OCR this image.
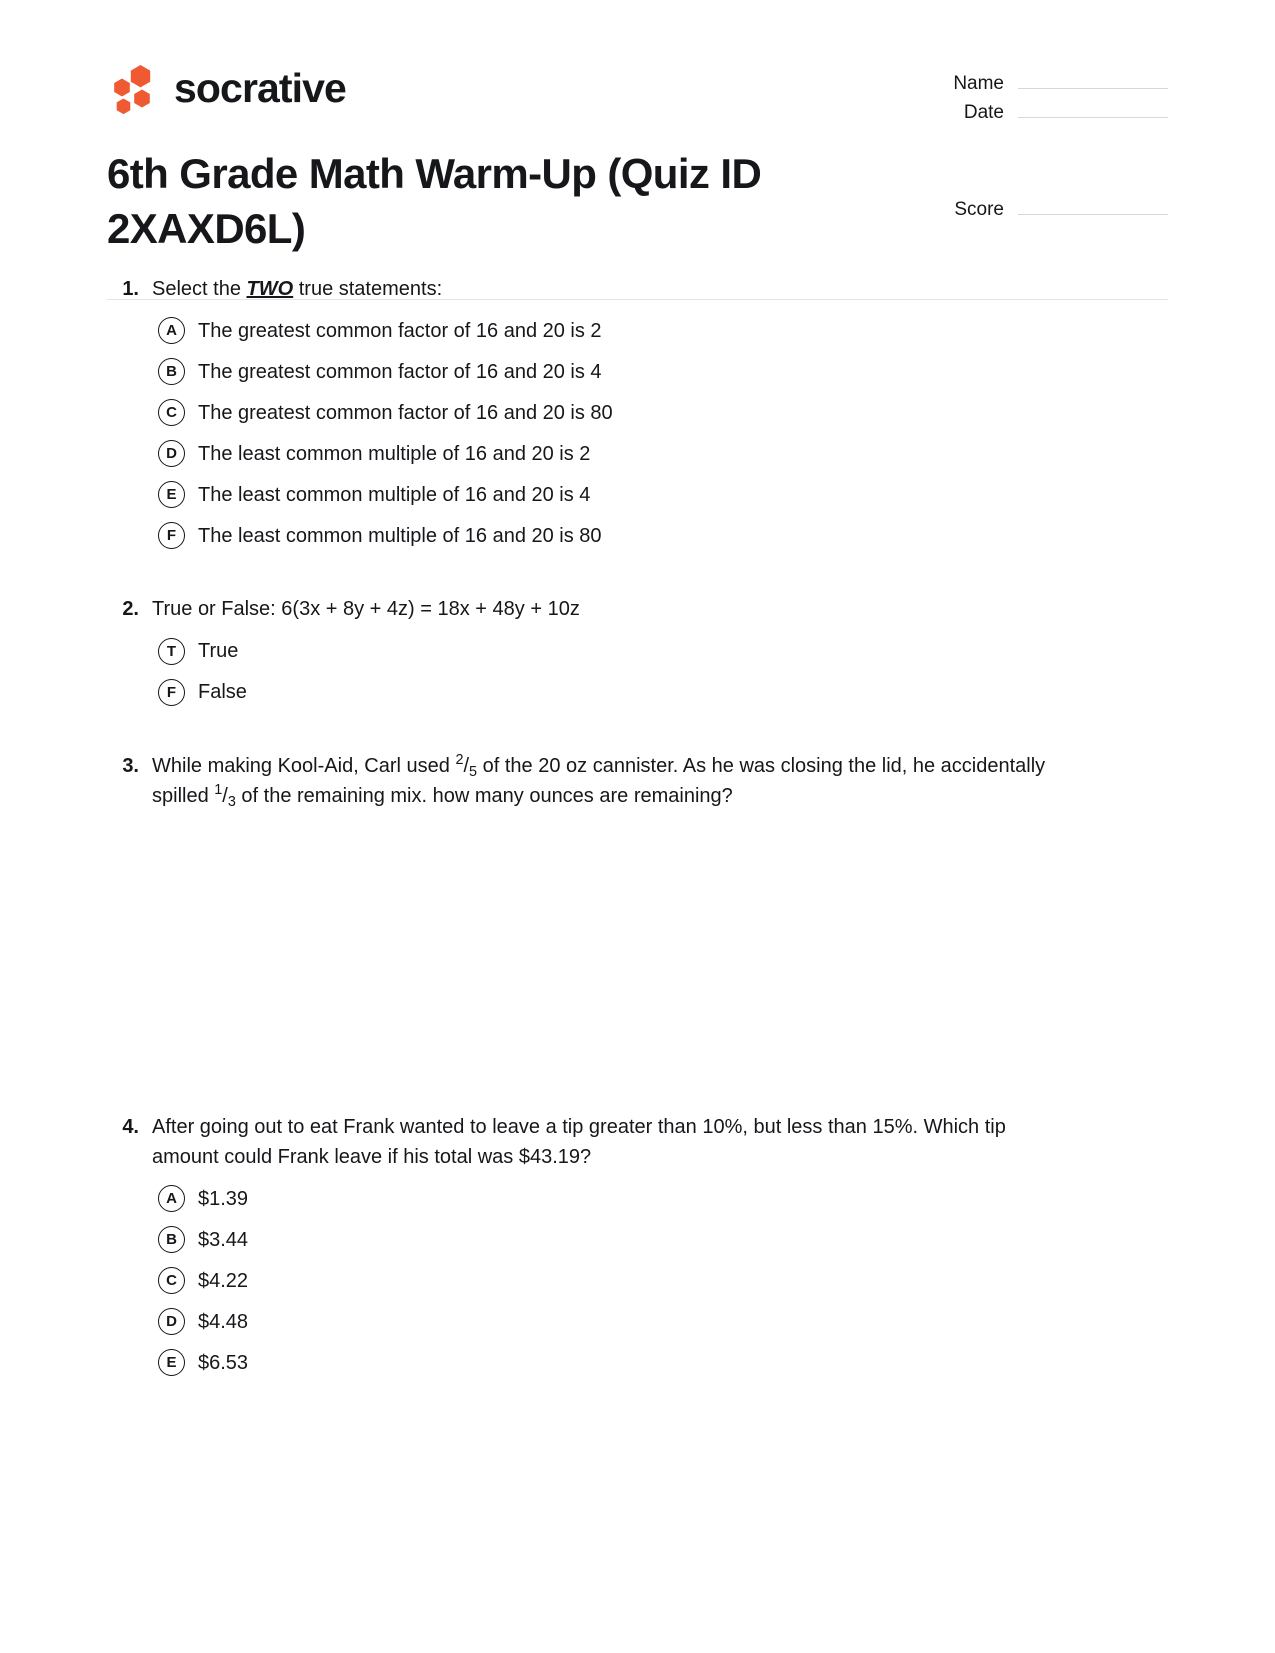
socrative	Name
Date
Score
6th Grade Math Warm-Up (Quiz ID 2XAXD6L)
1. Select the TWO true statements:
A	The greatest common factor of 16 and 20 is 2
B	The greatest common factor of 16 and 20 is 4
C	The greatest common factor of 16 and 20 is 80
D	The least common multiple of 16 and 20 is 2
E	The least common multiple of 16 and 20 is 4
F	The least common multiple of 16 and 20 is 80
2. True or False: 6(3x + 8y + 4z) = 18x + 48y + 10z
T	True
F	False
3. While making Kool-Aid, Carl used $^2/_5$ of the 20 oz cannister. As he was closing the lid, he accidentally spilled $^1/_3$ of the remaining mix. how many ounces are remaining?
4. After going out to eat Frank wanted to leave a tip greater than 10%, but less than 15%. Which tip amount could Frank leave if his total was $43.19?
A	$1.39
B	$3.44
C	$4.22
D	$4.48
E	$6.53
